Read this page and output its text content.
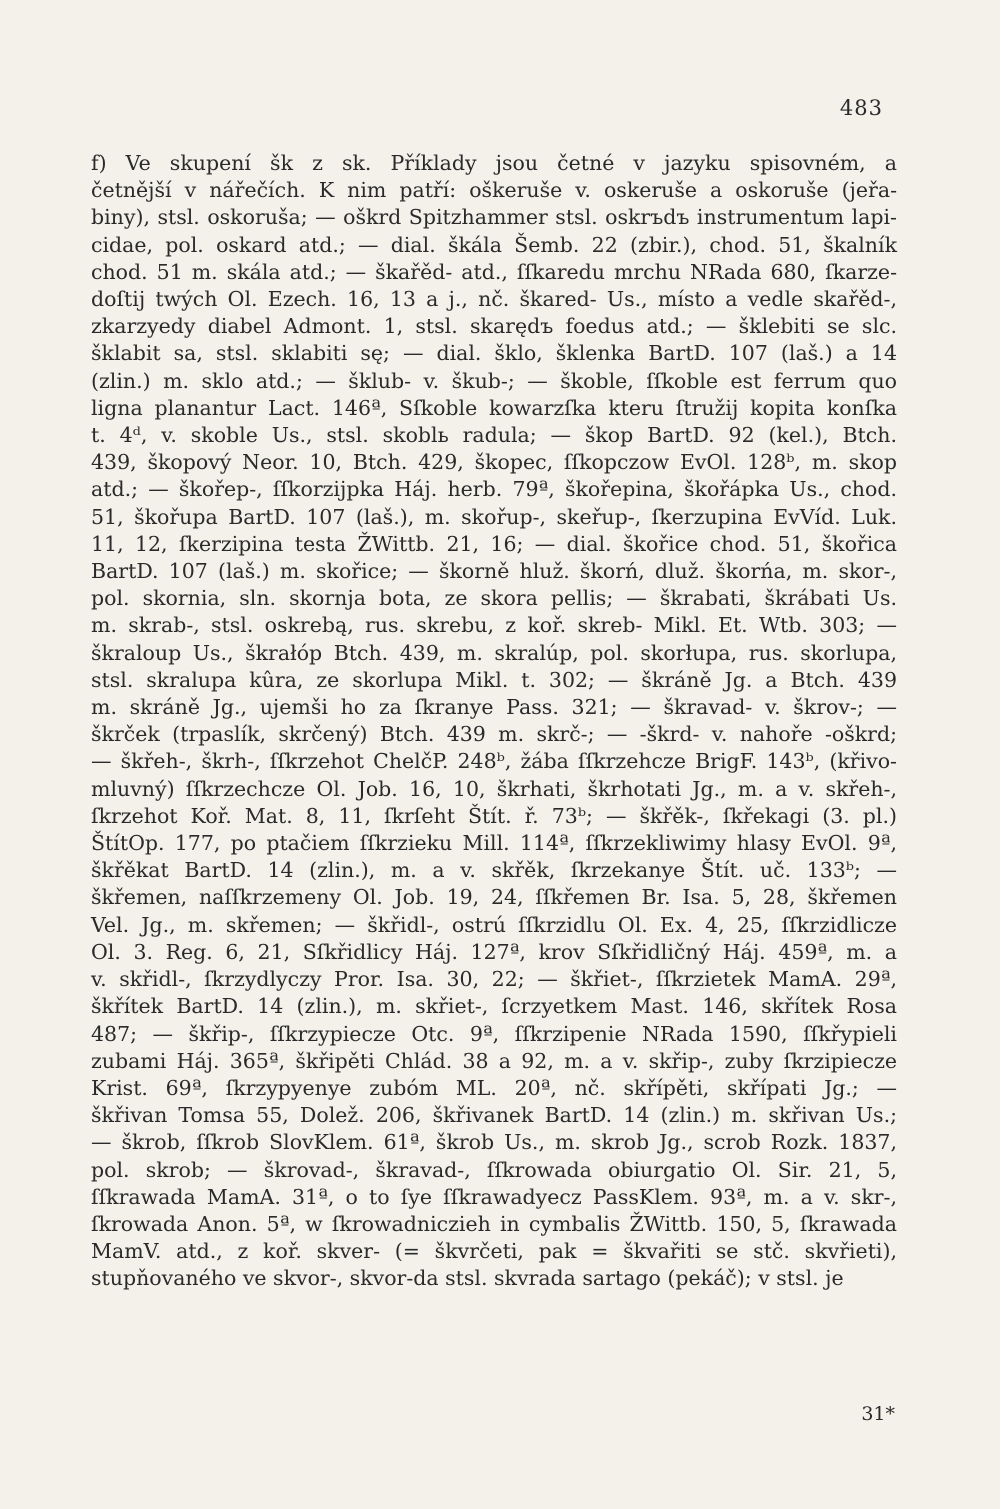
483
f) Ve skupení šk z sk. Příklady jsou četné v jazyku spisovném, a
četnější v nářečích. K nim patří: oškeruše v. oskeruše a oskoruše (jeřa-
biny), stsl. oskoruša; — oškrd Spitzhammer stsl. oskrъdъ instrumentum lapi-
cidae, pol. oskard atd.; — dial. škála Šemb. 22 (zbir.), chod. 51, škalník
chod. 51 m. skála atd.; — škařěd- atd., ſſkaredu mrchu NRada 680, ſkarze-
doſtij twých Ol. Ezech. 16, 13 a j., nč. škared- Us., místo a vedle skařěd-,
zkarzyedy diabel Admont. 1, stsl. skarędъ foedus atd.; — šklebiti se slc.
šklabit sa, stsl. sklabiti sę; — dial. šklo, šklenka BartD. 107 (laš.) a 14
(zlin.) m. sklo atd.; — šklub- v. škub-; — škoble, ſſkoble est ferrum quo
ligna planantur Lact. 146ª, Sſkoble kowarzſka kteru ſtružij kopita konſka
t. 4ᵈ, v. skoble Us., stsl. skoblь radula; — škop BartD. 92 (kel.), Btch.
439, škopový Neor. 10, Btch. 429, škopec, ſſkopczow EvOl. 128ᵇ, m. skop
atd.; — škořep-, ſſkorzijpka Háj. herb. 79ª, škořepina, škořápka Us., chod.
51, škořupa BartD. 107 (laš.), m. skořup-, skeřup-, ſkerzupina EvVíd. Luk.
11, 12, ſkerzipina testa ŽWittb. 21, 16; — dial. škořice chod. 51, škořica
BartD. 107 (laš.) m. skořice; — škorně hluž. škorń, dluž. škorńa, m. skor-,
pol. skornia, sln. skornja bota, ze skora pellis; — škrabati, škrábati Us.
m. skrab-, stsl. oskrebą, rus. skrebu, z koř. skreb- Mikl. Et. Wtb. 303; —
škraloup Us., škrałóp Btch. 439, m. skralúp, pol. skorłupa, rus. skorlupa,
stsl. skralupa kûra, ze skorlupa Mikl. t. 302; — škráně Jg. a Btch. 439
m. skráně Jg., ujemši ho za ſkranye Pass. 321; — škravad- v. škrov-; —
škrček (trpaslík, skrčený) Btch. 439 m. skrč-; — -škrd- v. nahoře -oškrd;
— škřeh-, škrh-, ſſkrzehot ChelčP. 248ᵇ, žába ſſkrzehcze BrigF. 143ᵇ, (křivo-
mluvný) ſſkrzechcze Ol. Job. 16, 10, škrhati, škrhotati Jg., m. a v. skřeh-,
ſkrzehot Koř. Mat. 8, 11, ſkrſeht Štít. ř. 73ᵇ; — škřěk-, ſkřekagi (3. pl.)
ŠtítOp. 177, po ptačiem ſſkrzieku Mill. 114ª, ſſkrzekliwimy hlasy EvOl. 9ª,
škřěkat BartD. 14 (zlin.), m. a v. skřěk, ſkrzekanye Štít. uč. 133ᵇ; —
škřemen, naſſkrzemeny Ol. Job. 19, 24, ſſkřemen Br. Isa. 5, 28, škřemen
Vel. Jg., m. skřemen; — škřidl-, ostrú ſſkrzidlu Ol. Ex. 4, 25, ſſkrzidlicze
Ol. 3. Reg. 6, 21, Sſkřidlicy Háj. 127ª, krov Sſkřidličný Háj. 459ª, m. a
v. skřidl-, ſkrzydlyczy Pror. Isa. 30, 22; — škřiet-, ſſkrzietek MamA. 29ª,
škřítek BartD. 14 (zlin.), m. skřiet-, ſcrzyetkem Mast. 146, skřítek Rosa
487; — škřip-, ſſkrzypiecze Otc. 9ª, ſſkrzipenie NRada 1590, ſſkřypieli
zubami Háj. 365ª, škřipěti Chlád. 38 a 92, m. a v. skřip-, zuby ſkrzipiecze
Krist. 69ª, ſkrzypyenye zubóm ML. 20ª, nč. skřípěti, skřípati Jg.; —
škřivan Tomsa 55, Dolež. 206, škřivanek BartD. 14 (zlin.) m. skřivan Us.;
— škrob, ſſkrob SlovKlem. 61ª, škrob Us., m. skrob Jg., scrob Rozk. 1837,
pol. skrob; — škrovad-, škravad-, ſſkrowada obiurgatio Ol. Sir. 21, 5,
ſſkrawada MamA. 31ª, o to ſye ſſkrawadyecz PassKlem. 93ª, m. a v. skr-,
ſkrowada Anon. 5ª, w ſkrowadniczieh in cymbalis ŽWittb. 150, 5, ſkrawada
MamV. atd., z koř. skver- (= škvrčeti, pak = škvařiti se stč. skvřieti),
stupňovaného ve skvor-, skvor-da stsl. skvrada sartago (pekáč); v stsl. je
31*
